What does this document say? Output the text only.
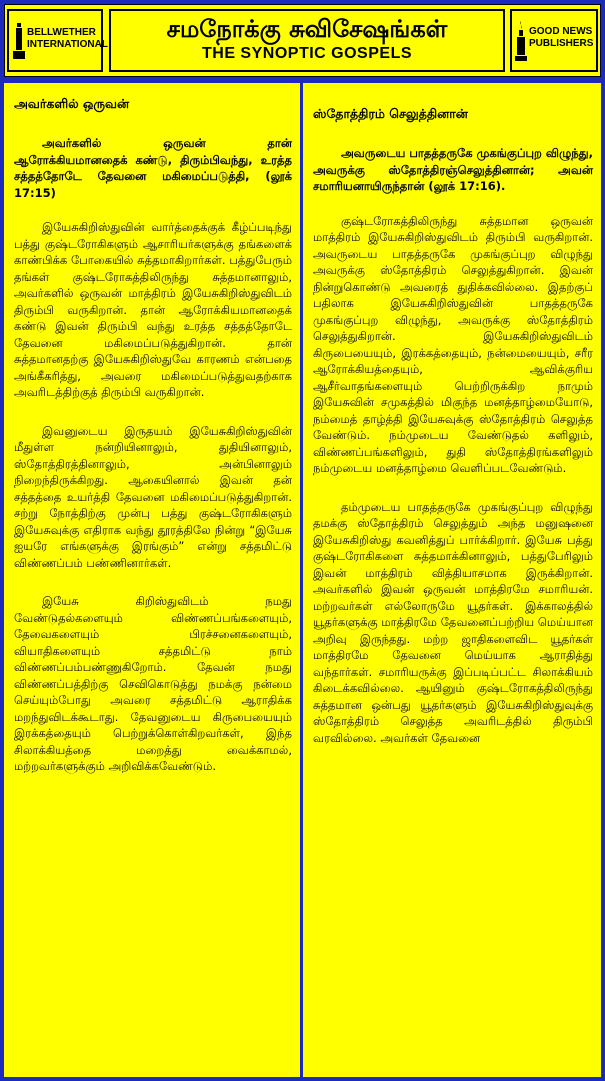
BELLWETHER INTERNATIONAL
சமநோக்கு சுவிசேஷங்கள்
THE SYNOPTIC GOSPELS
GOOD NEWS PUBLISHERS
அவர்களில் ஒருவன்

அவர்களில் ஒருவன் தான் ஆரோக்கியமானதைக் கண்டு, திரும்பிவந்து, உரத்த சத்தத்தோடே தேவனை மகிமைப்படுத்தி, (லூக் 17:15)

இயேசுகிறிஸ்துவின் வார்த்தைக்குக் கீழ்ப்படிந்து பத்து குஷ்டரோகிகளும் ஆசாரியர்களுக்கு தங்களைக் காண்பிக்க போகையில் சுத்தமாகிறார்கள். பத்துபேரும் தங்கள் குஷ்டரோகத்திலிருந்து சுத்தமானாலும், அவர்களில் ஒருவன் மாத்திரம் இயேசுகிறிஸ்துவிடம் திரும்பி வருகிறான். தான் ஆரோக்கியமானதைக் கண்டு இவன் திரும்பி வந்து உரத்த சத்தத்தோடே தேவனை மகிமைப்படுத்துகிறான். தான் சுத்தமானதற்கு இயேசுகிறிஸ்துவே காரணம் என்பதை அங்கீகரித்து, அவரை மகிமைப்படுத்துவதற்காக அவரிடத்திற்குத் திரும்பி வருகிறான்.

இவனுடைய இருதயம் இயேசுகிறிஸ்துவின் மீதுள்ள நன்றியினாலும், துதியினாலும், ஸ்தோத்திரத்தினாலும், அன்பினாலும் நிறைந்திருக்கிறது. ஆகையினால் இவன் தன் சத்தத்தை உயர்த்தி தேவனை மகிமைப்படுத்துகிறான். சற்று நோத்திற்கு முன்பு பத்து குஷ்டரோகிகளும் இயேசுவுக்கு எதிராக வந்து தூரத்திலே நின்று “இயேசு ஐயரே எங்களுக்கு இரங்கும்” என்று சத்தமிட்டு விண்ணப்பம் பண்ணினார்கள்.

இயேசு கிறிஸ்துவிடம் நமது வேண்டுதல்களையும் விண்ணப்பங்களையும், தேவைகளையும் பிரச்சனைகளையும், வியாதிகளையும் சத்தமிட்டு நாம் விண்ணப்பம்பண்ணுகிறோம். தேவன் நமது விண்ணப்பத்திற்கு செவிகொடுத்து நமக்கு நன்மை செய்யும்போது அவரை சத்தமிட்டு ஆராதிக்க மறந்துவிடக்கூடாது. தேவனுடைய கிருபையையும் இரக்கத்தையும் பெற்றுக்கொள்கிறவர்கள், இந்த சிலாக்கியத்தை மறைத்து வைக்காமல், மற்றவர்களுக்கும் அறிவிக்கவேண்டும்.

ஸ்தோத்திரம் செலுத்தினான்

அவருடைய பாதத்தருகே முகங்குப்புற விழுந்து, அவருக்கு ஸ்தோத்திரஞ்செலுத்தினான்; அவன் சமாரியனாயிருந்தான் (லூக் 17:16).

குஷ்டரோகத்திலிருந்து சுத்தமான ஒருவன் மாத்திரம் இயேசுகிறிஸ்துவிடம் திரும்பி வருகிறான். அவருடைய பாதத்தருகே முகங்குப்புற விழுந்து அவருக்கு ஸ்தோத்திரம் செலுத்துகிறான். இவன் நின்றுகொண்டு அவரைத் துதிக்கவில்லை. இதற்குப் பதிலாக இயேசுகிறிஸ்துவின் பாதத்தருகே முகங்குப்புற விழுந்து, அவருக்கு ஸ்தோத்திரம் செலுத்துகிறான். இயேசுகிறிஸ்துவிடம் கிருபையையும், இரக்கத்தையும், நன்மையையும், சரீர ஆரோக்கியத்தையும், ஆவிக்குரிய ஆசீர்வாதங்களையும் பெற்றிருக்கிற நாமும் இயேசுவின் சமுகத்தில் மிகுந்த மனத்தாழ்மையோடு, நம்மைத் தாழ்த்தி இயேசுவுக்கு ஸ்தோத்திரம் செலுத்த வேண்டும். நம்முடைய வேண்டுதல் களிலும், விண்ணப்பங்களிலும், துதி ஸ்தோத்திரங்களிலும் நம்முடைய மனத்தாழ்மை வெளிப்படவேண்டும்.

தம்முடைய பாதத்தருகே முகங்குப்புற விழுந்து தமக்கு ஸ்தோத்திரம் செலுத்தும் அந்த மனுஷனை இயேசுகிறிஸ்து கவனித்துப் பார்க்கிறார். இயேசு பத்து குஷ்டரோகிகளை சுத்தமாக்கினாலும், பத்துபேரிலும் இவன் மாத்திரம் வித்தியாசமாக இருக்கிறான். அவர்களில் இவன் ஒருவன் மாத்திரமே சமாரியன். மற்றவர்கள் எல்லோருமே யூதர்கள். இக்காலத்தில் யூதர்களுக்கு மாத்திரமே தேவனைப்பற்றிய மெய்யான அறிவு இருந்தது. மற்ற ஜாதிகளைவிட யூதர்கள் மாத்திரமே தேவனை மெய்யாக ஆராதித்து வந்தார்கள். சமாரியருக்கு இப்படிப்பட்ட சிலாக்கியம் கிடைக்கவில்லை. ஆயினும் குஷ்டரோகத்திலிருந்து சுத்தமான ஒன்பது யூதர்களும் இயேசுகிறிஸ்துவுக்கு ஸ்தோத்திரம் செலுத்த அவரிடத்தில் திரும்பி வரவில்லை. அவர்கள் தேவனை
